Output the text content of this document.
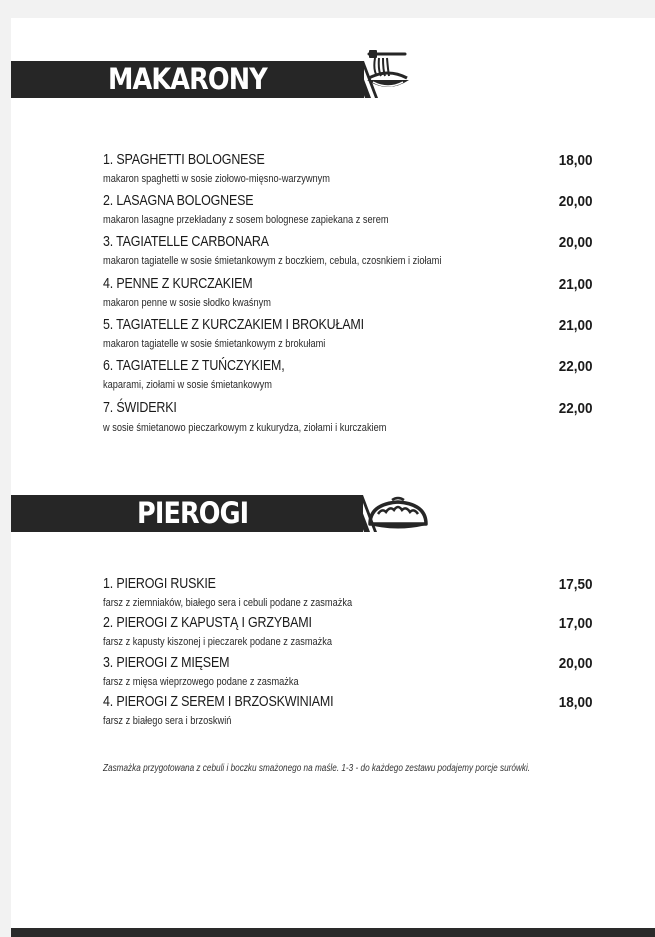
MAKARONY
1. SPAGHETTI BOLOGNESE	18,00
makaron spaghetti w sosie ziołowo-mięsno-warzywnym
2. LASAGNA BOLOGNESE	20,00
makaron lasagne przekładany z sosem bolognese zapiekana z serem
3. TAGIATELLE CARBONARA	20,00
makaron tagiatelle w sosie śmietankowym z boczkiem, cebula, czosnkiem i ziołami
4. PENNE Z KURCZAKIEM	21,00
makaron penne w sosie słodko kwaśnym
5. TAGIATELLE Z KURCZAKIEM I BROKUŁAMI	21,00
makaron tagiatelle w sosie śmietankowym z brokułami
6. TAGIATELLE Z TUŃCZYKIEM,	22,00
kaparami, ziołami w sosie śmietankowym
7. ŚWIDERKI	22,00
w sosie śmietanowo pieczarkowym z kukurydza, ziołami i kurczakiem
PIEROGI
1. PIEROGI RUSKIE	17,50
farsz z ziemniaków, białego sera i cebuli podane z zasmażka
2. PIEROGI Z KAPUSTĄ I GRZYBAMI	17,00
farsz z kapusty kiszonej i pieczarek podane z zasmażka
3. PIEROGI Z MIĘSEM	20,00
farsz z mięsa wieprzowego podane z zasmażka
4. PIEROGI Z SEREM I BRZOSKWINIAMI	18,00
farsz z białego sera i brzoskwiń
Zasmażka przygotowana z cebuli i boczku smażonego na maśle. 1-3 - do każdego zestawu podajemy porcje surówki.
